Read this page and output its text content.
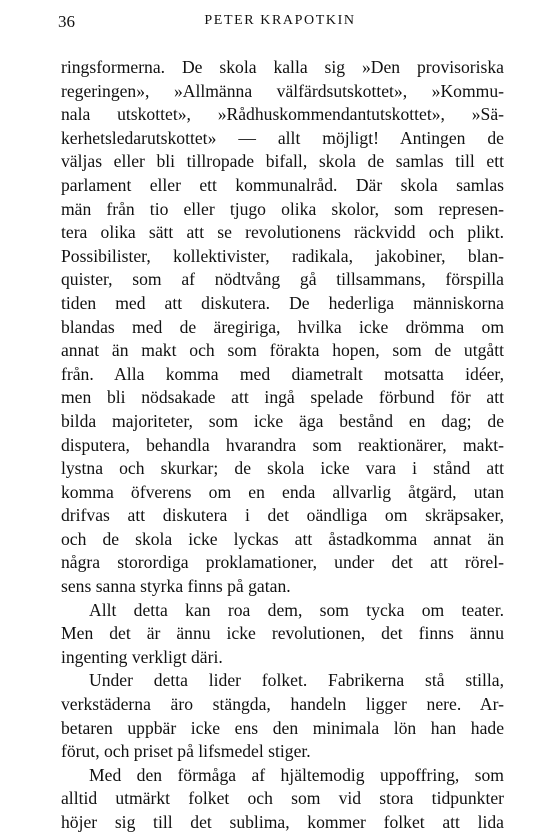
36	PETER KRAPOTKIN
ringsformerna. De skola kalla sig »Den provisoriska
regeringen», »Allmänna välfärdsutskottet», »Kommu-
nala utskottet», »Rådhuskommendantutskottet», »Sä-
kerhetsledarutskottet» — allt möjligt! Antingen de
väljas eller bli tillropade bifall, skola de samlas till ett
parlament eller ett kommunalråd. Där skola samlas
män från tio eller tjugo olika skolor, som represen-
tera olika sätt att se revolutionens räckvidd och plikt.
Possibilister, kollektivister, radikala, jakobiner, blan-
quister, som af nödtvång gå tillsammans, förspilla
tiden med att diskutera. De hederliga människorna
blandas med de äregiriga, hvilka icke drömma om
annat än makt och som förakta hopen, som de utgått
från. Alla komma med diametralt motsatta idéer,
men bli nödsakade att ingå spelade förbund för att
bilda majoriteter, som icke äga bestånd en dag; de
disputera, behandla hvarandra som reaktionärer, makt-
lystna och skurkar; de skola icke vara i stånd att
komma öfverens om en enda allvarlig åtgärd, utan
drifvas att diskutera i det oändliga om skräpsaker,
och de skola icke lyckas att åstadkomma annat än
några storordiga proklamationer, under det att rörel-
sens sanna styrka finns på gatan.
Allt detta kan roa dem, som tycka om teater.
Men det är ännu icke revolutionen, det finns ännu
ingenting verkligt däri.
Under detta lider folket. Fabrikerna stå stilla,
verkstäderna äro stängda, handeln ligger nere. Ar-
betaren uppbär icke ens den minimala lön han hade
förut, och priset på lifsmedel stiger.
Med den förmåga af hjältemodig uppoffring, som
alltid utmärkt folket och som vid stora tidpunkter
höjer sig till det sublima, kommer folket att lida
